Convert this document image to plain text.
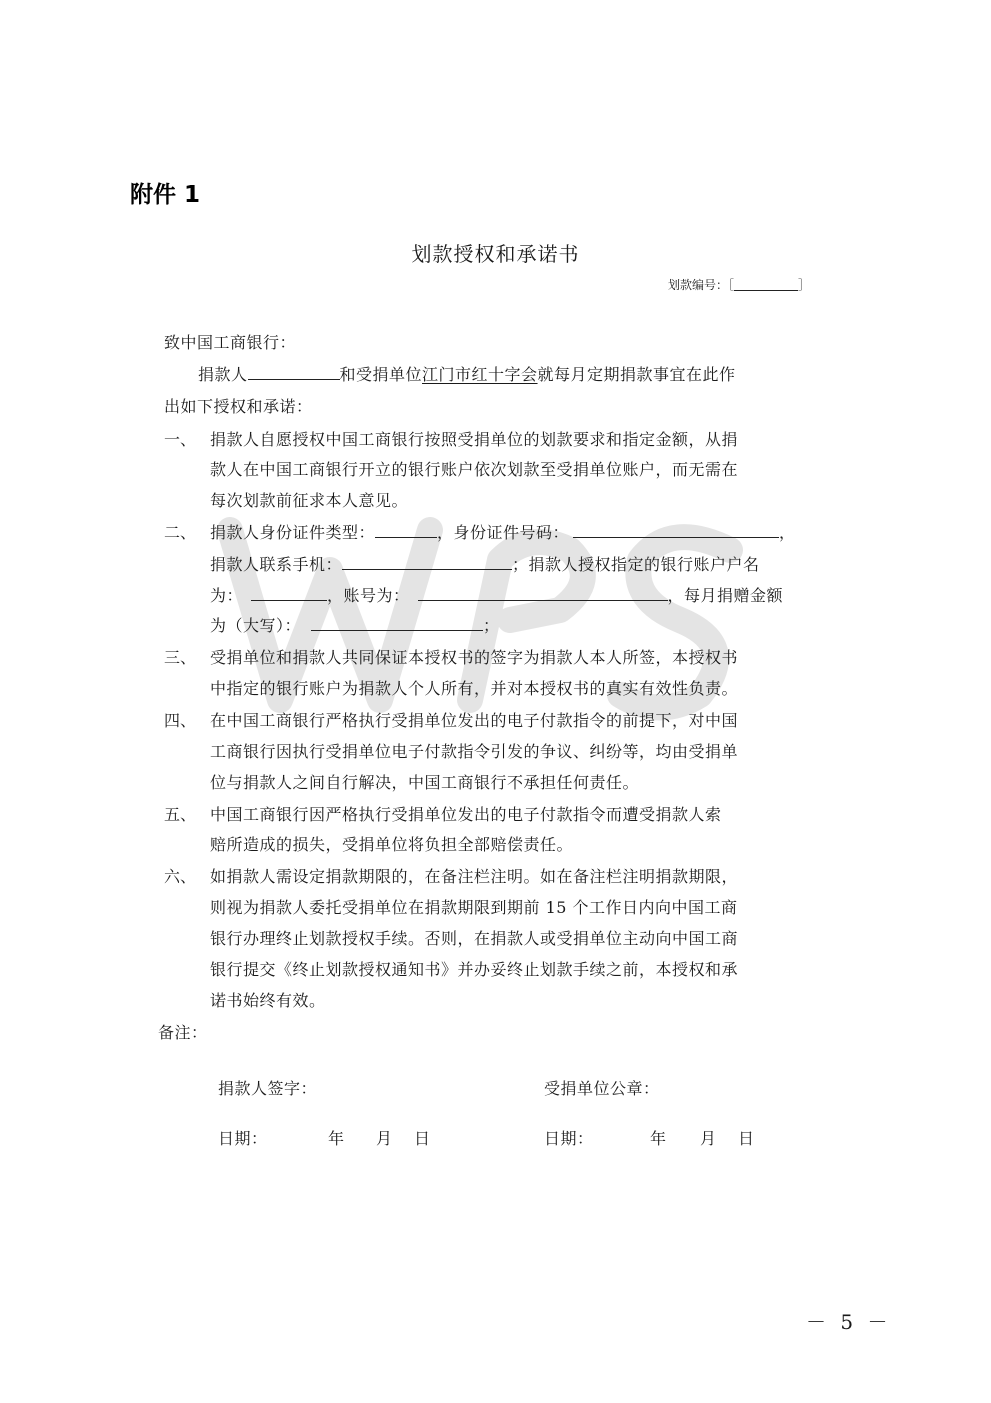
附件 1
划款授权和承诺书
划款编号：［	］
致中国工商银行：
捐款人	和受捐单位江门市红十字会就每月定期捐款事宜在此作
出如下授权和承诺：
一、 捐款人自愿授权中国工商银行按照受捐单位的划款要求和指定金额，从捐
款人在中国工商银行开立的银行账户依次划款至受捐单位账户，而无需在
每次划款前征求本人意见。
二、 捐款人身份证件类型：	，身份证件号码：	，
捐款人联系手机：	；捐款人授权指定的银行账户户名
为：	，账号为：	，每月捐赠金额
为（大写）：	；
三、 受捐单位和捐款人共同保证本授权书的签字为捐款人本人所签，本授权书
中指定的银行账户为捐款人个人所有，并对本授权书的真实有效性负责。
四、 在中国工商银行严格执行受捐单位发出的电子付款指令的前提下，对中国
工商银行因执行受捐单位电子付款指令引发的争议、纠纷等，均由受捐单
位与捐款人之间自行解决，中国工商银行不承担任何责任。
五、 中国工商银行因严格执行受捐单位发出的电子付款指令而遭受捐款人索
赔所造成的损失，受捐单位将负担全部赔偿责任。
六、 如捐款人需设定捐款期限的，在备注栏注明。如在备注栏注明捐款期限，
则视为捐款人委托受捐单位在捐款期限到期前 15 个工作日内向中国工商
银行办理终止划款授权手续。否则，在捐款人或受捐单位主动向中国工商
银行提交《终止划款授权通知书》并办妥终止划款手续之前，本授权和承
诺书始终有效。
备注：
捐款人签字：	受捐单位公章：
日期：	年 月 日	日期：	年 月 日
－ 5 －
